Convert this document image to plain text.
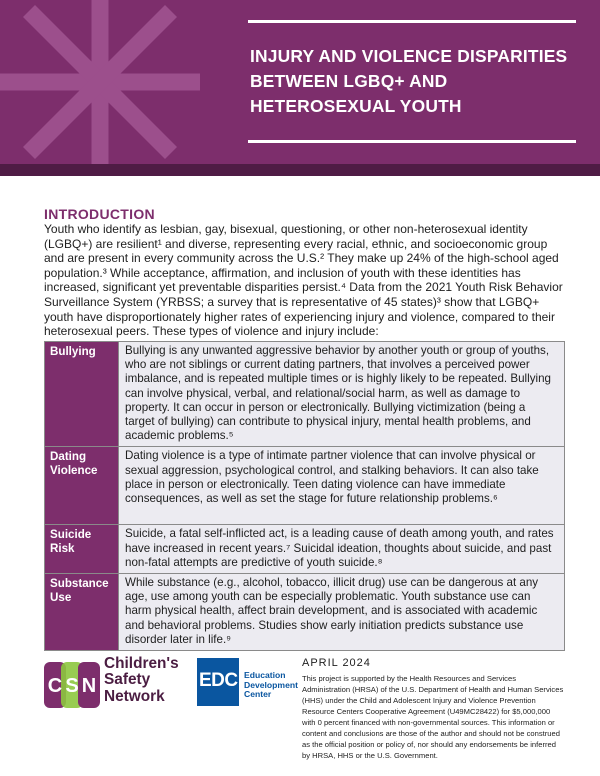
INJURY AND VIOLENCE DISPARITIES BETWEEN LGBQ+ AND HETEROSEXUAL YOUTH
INTRODUCTION

Youth who identify as lesbian, gay, bisexual, questioning, or other non-heterosexual identity (LGBQ+) are resilient¹ and diverse, representing every racial, ethnic, and socioeconomic group and are present in every community across the U.S.² They make up 24% of the high-school aged population.³ While acceptance, affirmation, and inclusion of youth with these identities has increased, significant yet preventable disparities persist.⁴ Data from the 2021 Youth Risk Behavior Surveillance System (YRBSS; a survey that is representative of 45 states)³ show that LGBQ+ youth have disproportionately higher rates of experiencing injury and violence, compared to their heterosexual peers. These types of violence and injury include:

Bullying	Bullying is any unwanted aggressive behavior by another youth or group of youths, who are not siblings or current dating partners, that involves a perceived power imbalance, and is repeated multiple times or is highly likely to be repeated. Bullying can involve physical, verbal, and relational/social harm, as well as damage to property. It can occur in person or electronically. Bullying victimization (being a target of bullying) can contribute to physical injury, mental health problems, and academic problems.⁵
Dating Violence	Dating violence is a type of intimate partner violence that can involve physical or sexual aggression, psychological control, and stalking behaviors. It can also take place in person or electronically. Teen dating violence can have immediate consequences, as well as set the stage for future relationship problems.⁶
Suicide Risk	Suicide, a fatal self-inflicted act, is a leading cause of death among youth, and rates have increased in recent years.⁷ Suicidal ideation, thoughts about suicide, and past non-fatal attempts are predictive of youth suicide.⁸
Substance Use	While substance (e.g., alcohol, tobacco, illicit drug) use can be dangerous at any age, use among youth can be especially problematic. Youth substance use can harm physical health, affect brain development, and is associated with academic and behavioral problems. Studies show early initiation predicts substance use disorder later in life.⁹
C S N
Children's Safety Network
EDC Education Development Center
APRIL 2024

This project is supported by the Health Resources and Services Administration (HRSA) of the U.S. Department of Health and Human Services (HHS) under the Child and Adolescent Injury and Violence Prevention Resource Centers Cooperative Agreement (U49MC28422) for $5,000,000 with 0 percent financed with non-governmental sources. This information or content and conclusions are those of the author and should not be construed as the official position or policy of, nor should any endorsements be inferred by HRSA, HHS or the U.S. Government.
